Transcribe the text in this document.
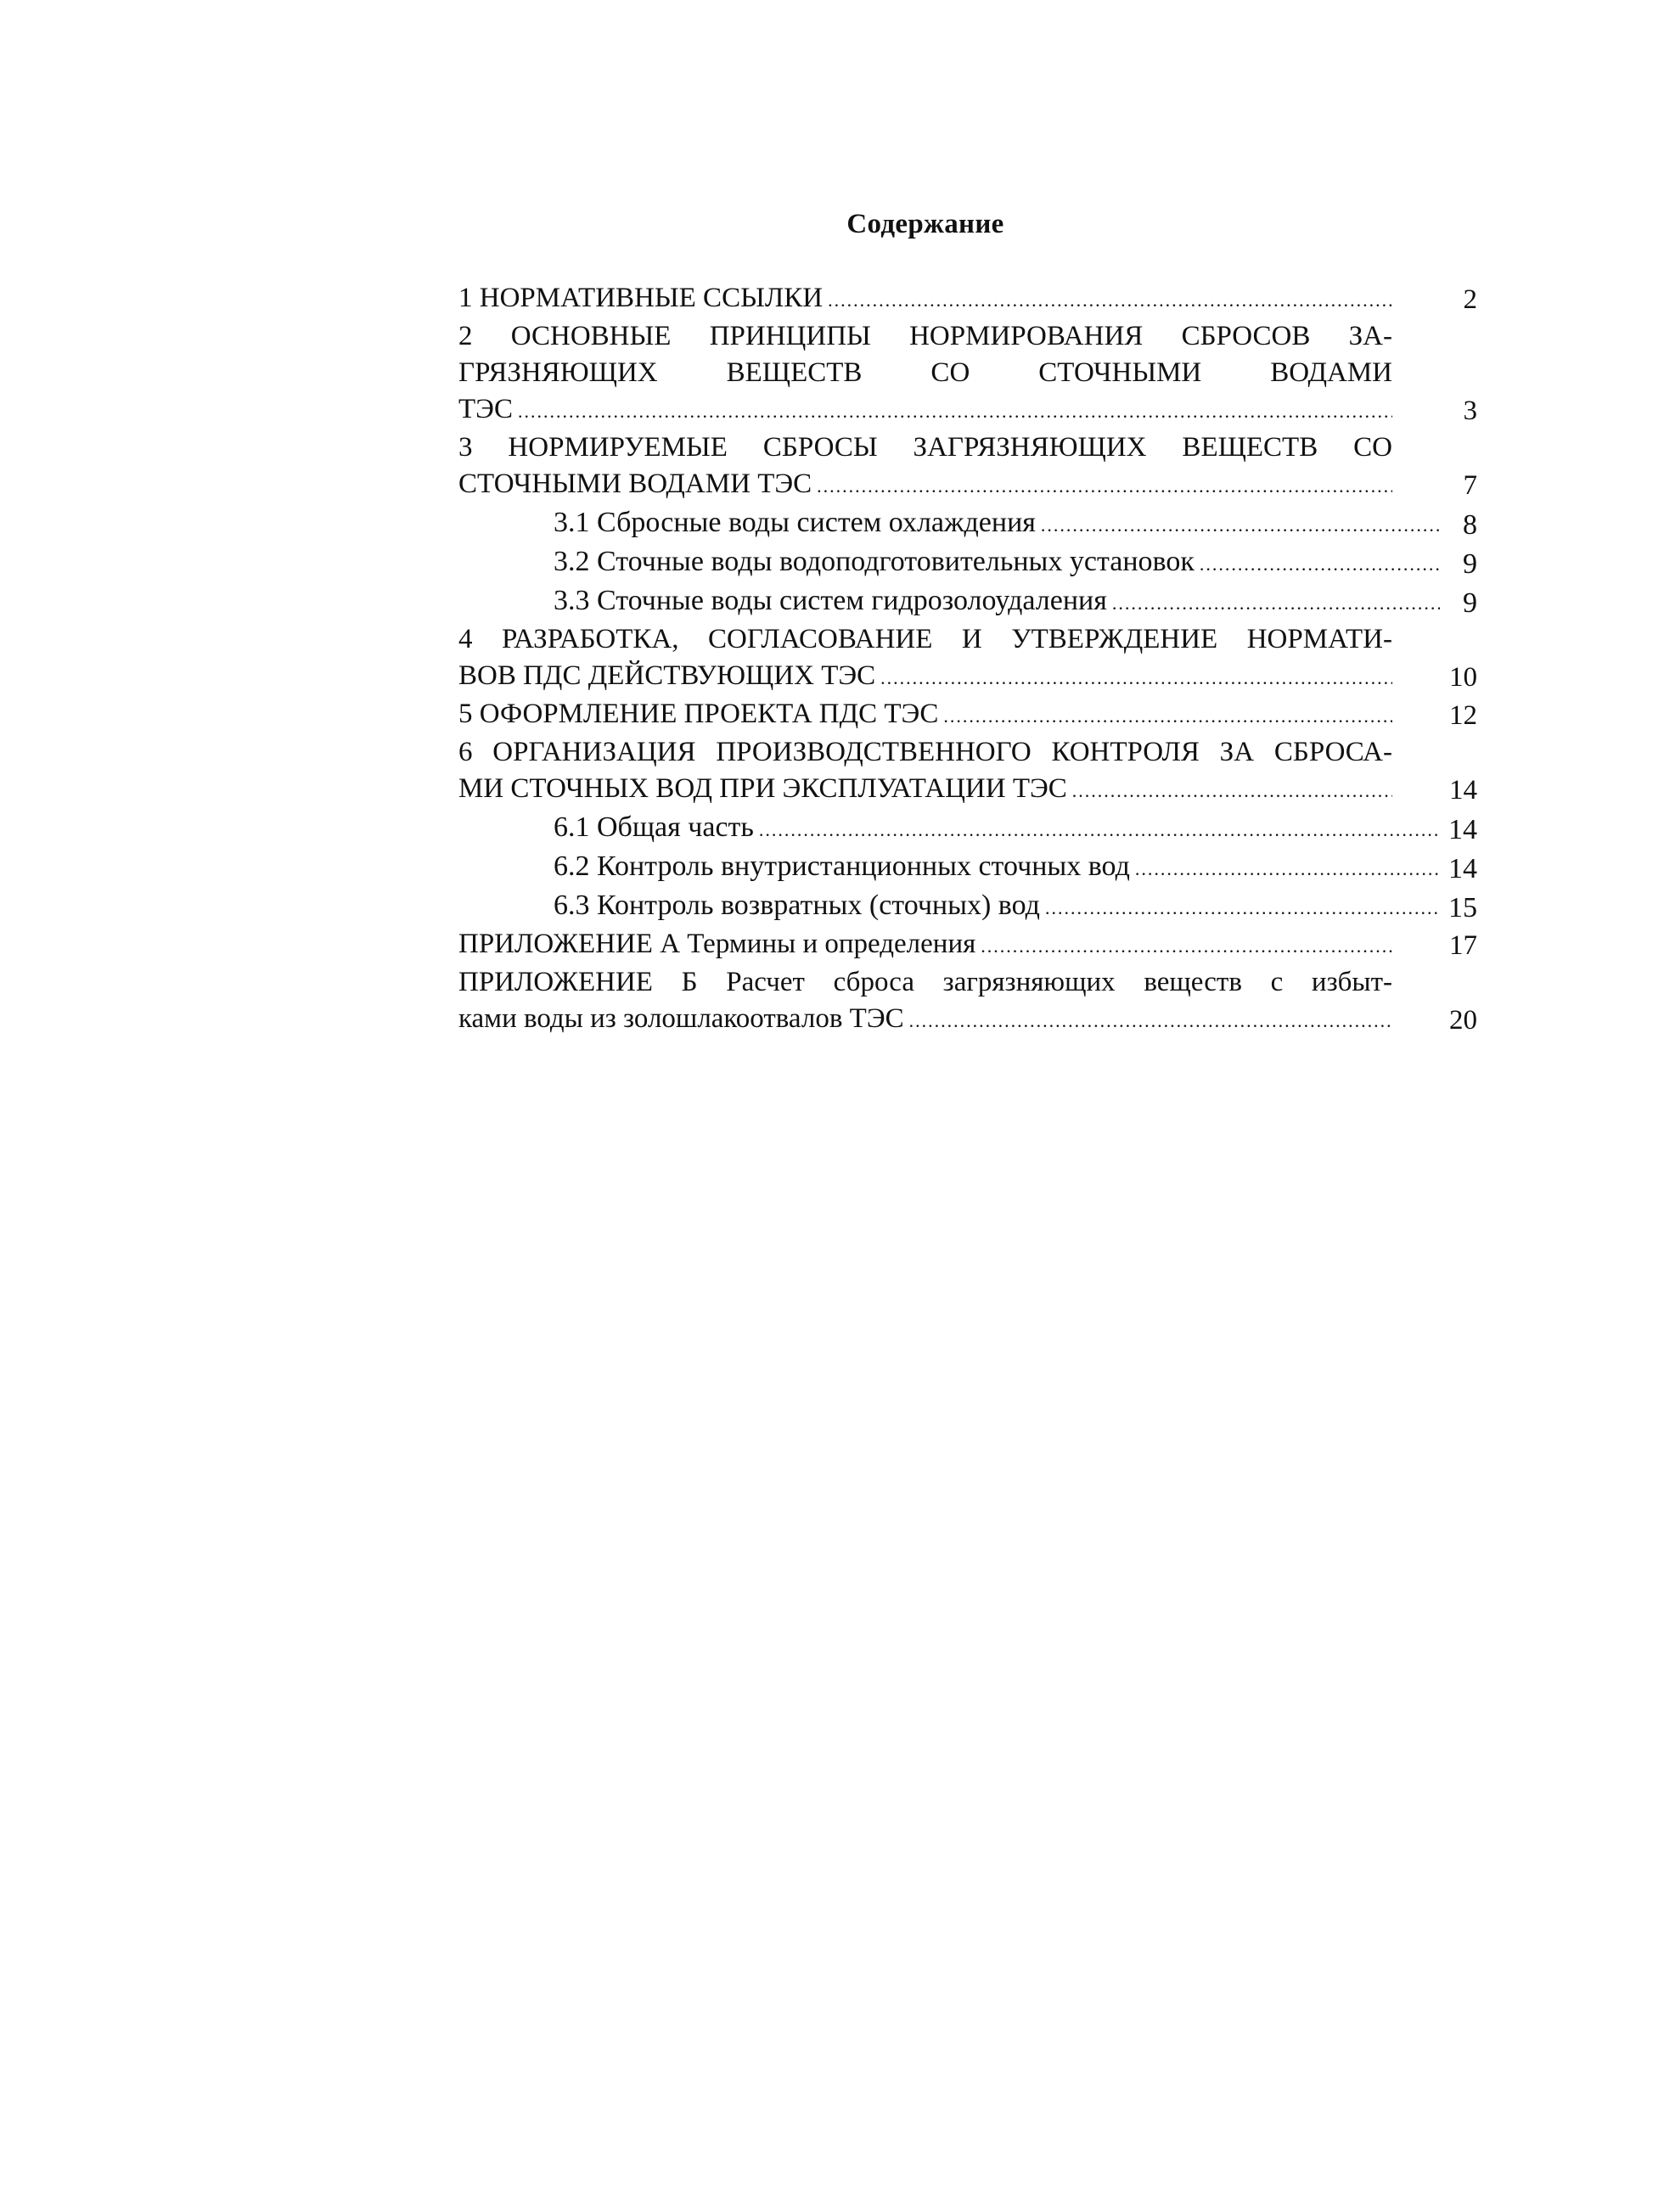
Содержание
1 НОРМАТИВНЫЕ ССЫЛКИ .....	2
2 ОСНОВНЫЕ ПРИНЦИПЫ НОРМИРОВАНИЯ СБРОСОВ ЗА-
ГРЯЗНЯЮЩИХ ВЕЩЕСТВ СО СТОЧНЫМИ ВОДАМИ
ТЭС .....	3
3 НОРМИРУЕМЫЕ СБРОСЫ ЗАГРЯЗНЯЮЩИХ ВЕЩЕСТВ СО
СТОЧНЫМИ ВОДАМИ ТЭС .....	7
3.1 Сбросные воды систем охлаждения .....	8
3.2 Сточные воды водоподготовительных установок .....	9
3.3 Сточные воды систем гидрозолоудаления .....	9
4 РАЗРАБОТКА, СОГЛАСОВАНИЕ И УТВЕРЖДЕНИЕ НОРМАТИ-
ВОВ ПДС ДЕЙСТВУЮЩИХ ТЭС .....	10
5 ОФОРМЛЕНИЕ ПРОЕКТА ПДС ТЭС .....	12
6 ОРГАНИЗАЦИЯ ПРОИЗВОДСТВЕННОГО КОНТРОЛЯ ЗА СБРОСА-
МИ СТОЧНЫХ ВОД ПРИ ЭКСПЛУАТАЦИИ ТЭС .....	14
6.1 Общая часть .....	14
6.2 Контроль внутристанционных сточных вод .....	14
6.3 Контроль возвратных (сточных) вод .....	15
ПРИЛОЖЕНИЕ А Термины и определения .....	17
ПРИЛОЖЕНИЕ Б Расчет сброса загрязняющих веществ с избыт-
ками воды из золошлакоотвалов ТЭС .....	20
